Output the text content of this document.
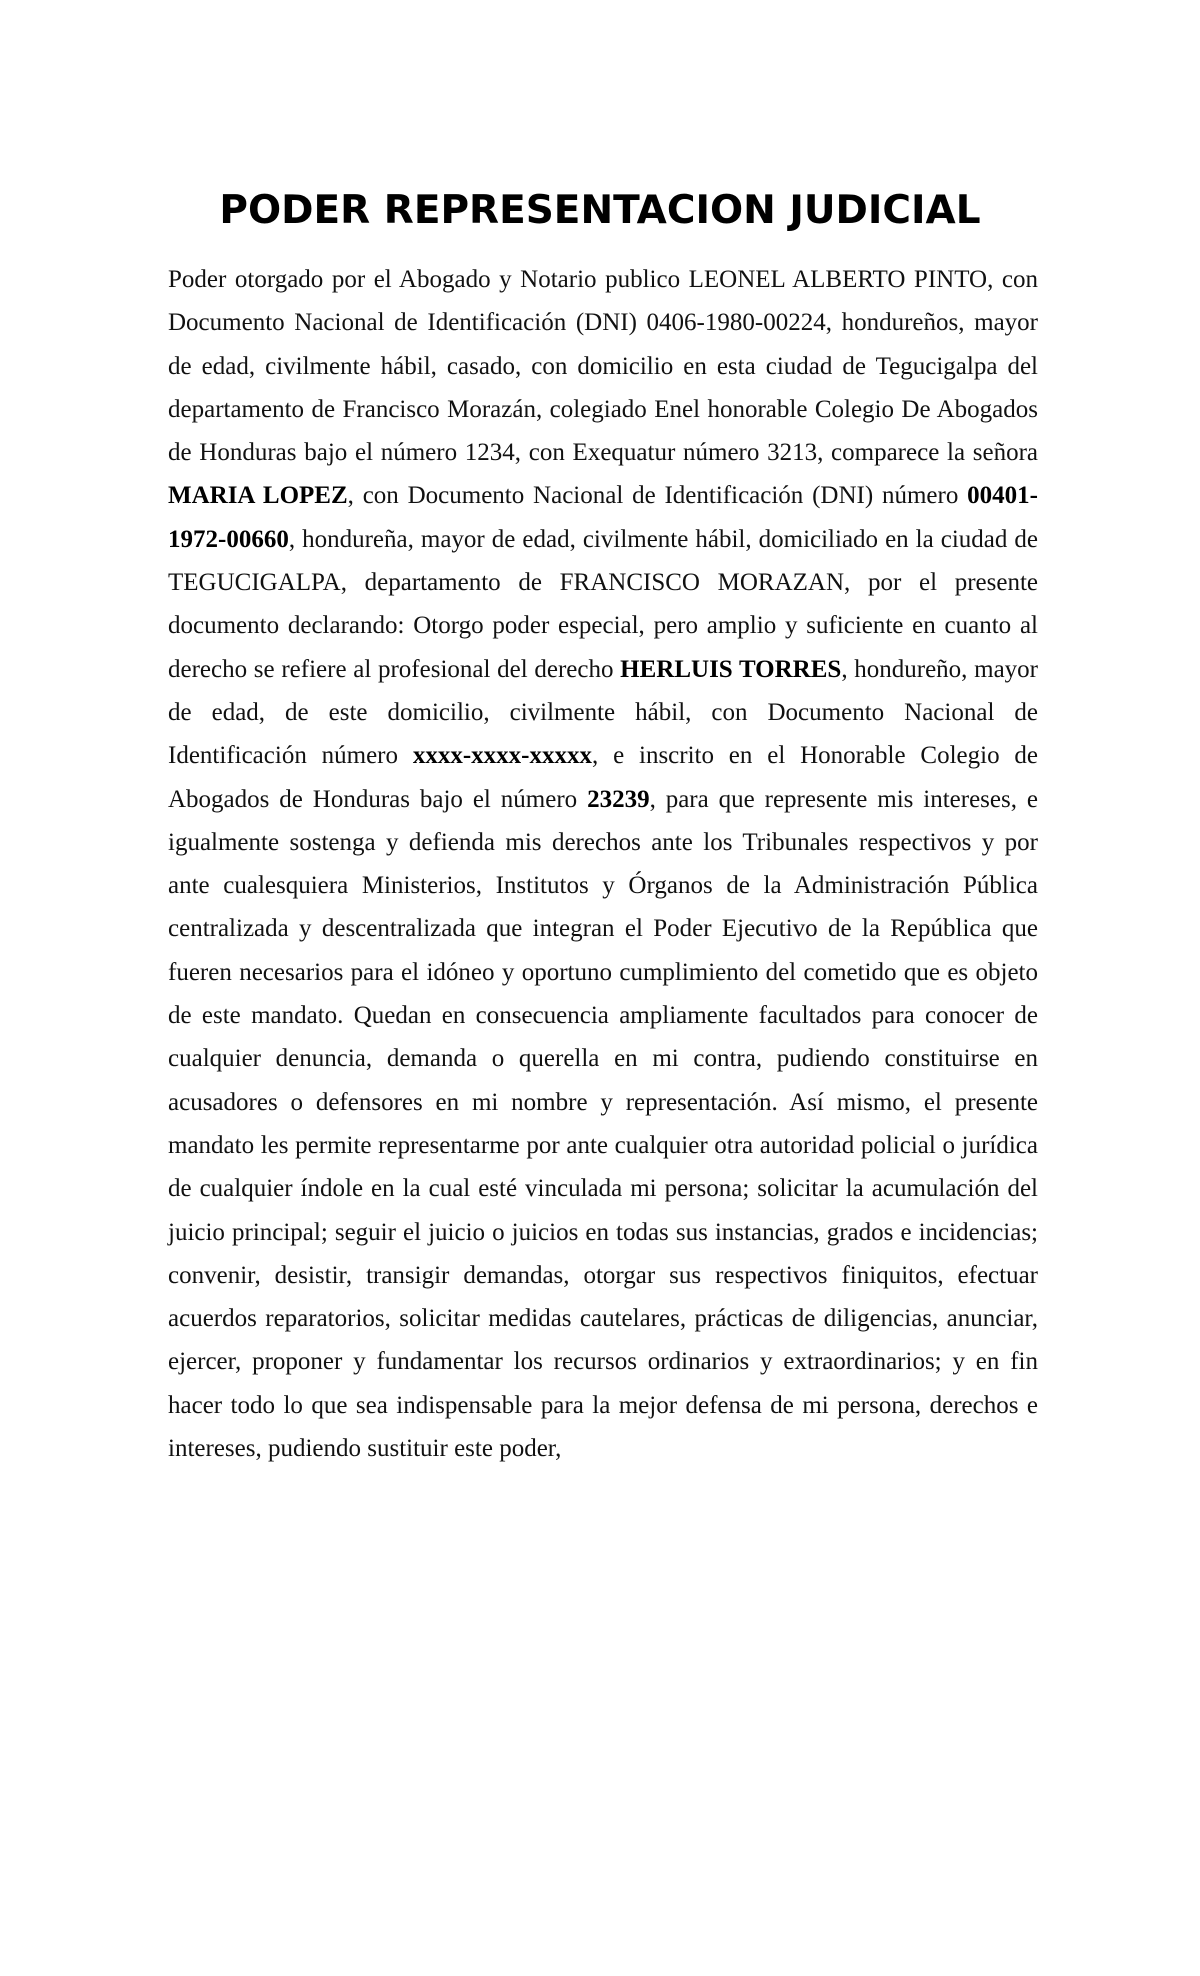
PODER REPRESENTACION JUDICIAL

Poder otorgado por el Abogado y Notario publico LEONEL ALBERTO PINTO, con Documento Nacional de Identificación (DNI) 0406-1980-00224, hondureños, mayor de edad, civilmente hábil, casado, con domicilio en esta ciudad de Tegucigalpa del departamento de Francisco Morazán, colegiado Enel honorable Colegio De Abogados de Honduras bajo el número 1234, con Exequatur número 3213, comparece la señora MARIA LOPEZ, con Documento Nacional de Identificación (DNI) número 00401-1972-00660, hondureña, mayor de edad, civilmente hábil, domiciliado en la ciudad de TEGUCIGALPA, departamento de FRANCISCO MORAZAN, por el presente documento declarando: Otorgo poder especial, pero amplio y suficiente en cuanto al derecho se refiere al profesional del derecho HERLUIS TORRES, hondureño, mayor de edad, de este domicilio, civilmente hábil, con Documento Nacional de Identificación número xxxx-xxxx-xxxxx, e inscrito en el Honorable Colegio de Abogados de Honduras bajo el número 23239, para que represente mis intereses, e igualmente sostenga y defienda mis derechos ante los Tribunales respectivos y por ante cualesquiera Ministerios, Institutos y Órganos de la Administración Pública centralizada y descentralizada que integran el Poder Ejecutivo de la República que fueren necesarios para el idóneo y oportuno cumplimiento del cometido que es objeto de este mandato. Quedan en consecuencia ampliamente facultados para conocer de cualquier denuncia, demanda o querella en mi contra, pudiendo constituirse en acusadores o defensores en mi nombre y representación. Así mismo, el presente mandato les permite representarme por ante cualquier otra autoridad policial o jurídica de cualquier índole en la cual esté vinculada mi persona; solicitar la acumulación del juicio principal; seguir el juicio o juicios en todas sus instancias, grados e incidencias; convenir, desistir, transigir demandas, otorgar sus respectivos finiquitos, efectuar acuerdos reparatorios, solicitar medidas cautelares, prácticas de diligencias, anunciar, ejercer, proponer y fundamentar los recursos ordinarios y extraordinarios; y en fin hacer todo lo que sea indispensable para la mejor defensa de mi persona, derechos e intereses, pudiendo sustituir este poder,
